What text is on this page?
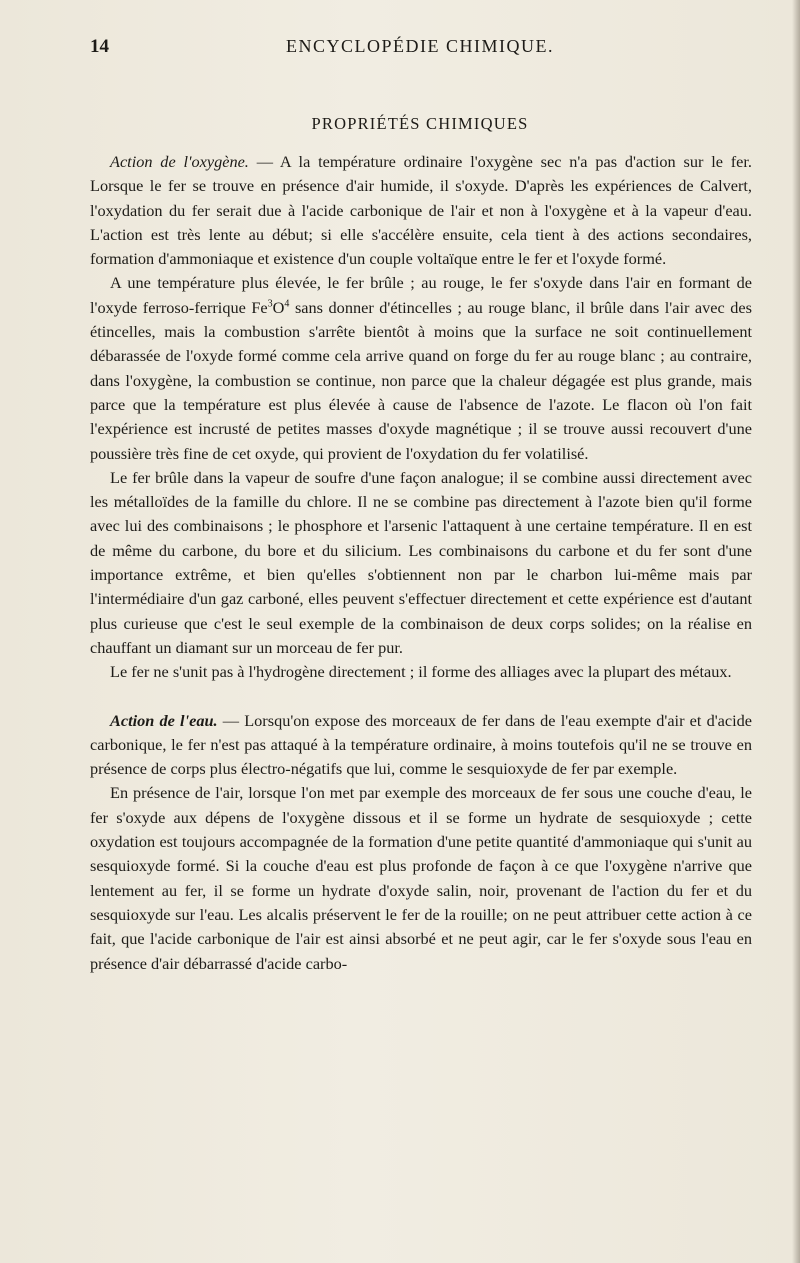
14	ENCYCLOPÉDIE CHIMIQUE.
PROPRIÉTÉS CHIMIQUES

Action de l'oxygène. — A la température ordinaire l'oxygène sec n'a pas d'action sur le fer. Lorsque le fer se trouve en présence d'air humide, il s'oxyde. D'après les expériences de Calvert, l'oxydation du fer serait due à l'acide carbonique de l'air et non à l'oxygène et à la vapeur d'eau. L'action est très lente au début; si elle s'accélère ensuite, cela tient à des actions secondaires, formation d'ammoniaque et existence d'un couple voltaïque entre le fer et l'oxyde formé.

A une température plus élevée, le fer brûle ; au rouge, le fer s'oxyde dans l'air en formant de l'oxyde ferroso-ferrique $Fe^3O^4$ sans donner d'étincelles ; au rouge blanc, il brûle dans l'air avec des étincelles, mais la combustion s'arrête bientôt à moins que la surface ne soit continuellement débarassée de l'oxyde formé comme cela arrive quand on forge du fer au rouge blanc ; au contraire, dans l'oxygène, la combustion se continue, non parce que la chaleur dégagée est plus grande, mais parce que la température est plus élevée à cause de l'absence de l'azote. Le flacon où l'on fait l'expérience est incrusté de petites masses d'oxyde magnétique ; il se trouve aussi recouvert d'une poussière très fine de cet oxyde, qui provient de l'oxydation du fer volatilisé.

Le fer brûle dans la vapeur de soufre d'une façon analogue; il se combine aussi directement avec les métalloïdes de la famille du chlore. Il ne se combine pas directement à l'azote bien qu'il forme avec lui des combinaisons ; le phosphore et l'arsenic l'attaquent à une certaine température. Il en est de même du carbone, du bore et du silicium. Les combinaisons du carbone et du fer sont d'une importance extrême, et bien qu'elles s'obtiennent non par le charbon lui-même mais par l'intermédiaire d'un gaz carboné, elles peuvent s'effectuer directement et cette expérience est d'autant plus curieuse que c'est le seul exemple de la combinaison de deux corps solides; on la réalise en chauffant un diamant sur un morceau de fer pur.

Le fer ne s'unit pas à l'hydrogène directement ; il forme des alliages avec la plupart des métaux.

Action de l'eau. — Lorsqu'on expose des morceaux de fer dans de l'eau exempte d'air et d'acide carbonique, le fer n'est pas attaqué à la température ordinaire, à moins toutefois qu'il ne se trouve en présence de corps plus électro-négatifs que lui, comme le sesquioxyde de fer par exemple.

En présence de l'air, lorsque l'on met par exemple des morceaux de fer sous une couche d'eau, le fer s'oxyde aux dépens de l'oxygène dissous et il se forme un hydrate de sesquioxyde ; cette oxydation est toujours accompagnée de la formation d'une petite quantité d'ammoniaque qui s'unit au sesquioxyde formé. Si la couche d'eau est plus profonde de façon à ce que l'oxygène n'arrive que lentement au fer, il se forme un hydrate d'oxyde salin, noir, provenant de l'action du fer et du sesquioxyde sur l'eau. Les alcalis préservent le fer de la rouille; on ne peut attribuer cette action à ce fait, que l'acide carbonique de l'air est ainsi absorbé et ne peut agir, car le fer s'oxyde sous l'eau en présence d'air débarrassé d'acide carbo-
